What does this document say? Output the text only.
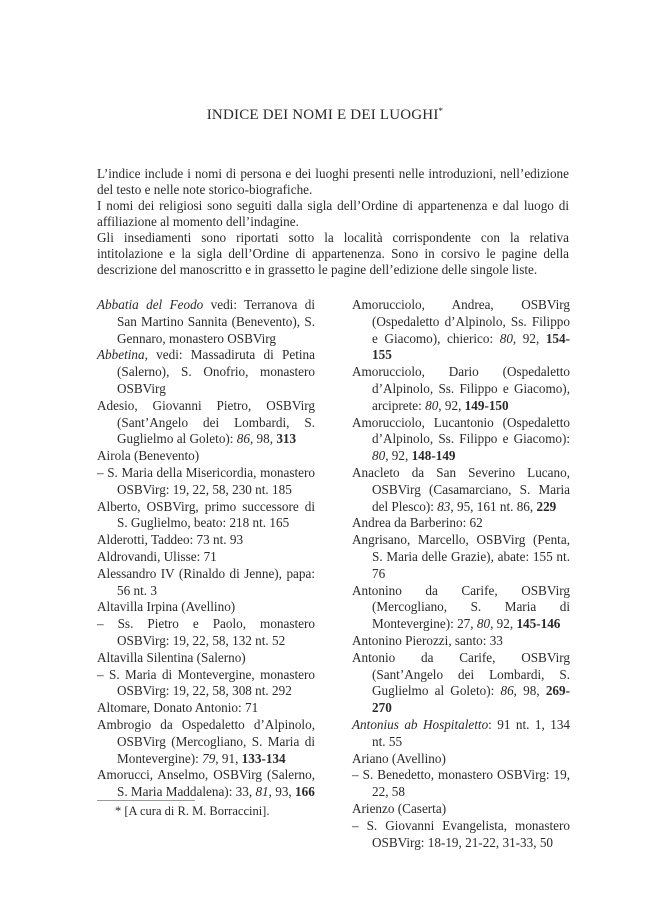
INDICE DEI NOMI E DEI LUOGHI*

L’indice include i nomi di persona e dei luoghi presenti nelle introduzioni, nell’edizione del testo e nelle note storico-biografiche.

I nomi dei religiosi sono seguiti dalla sigla dell’Ordine di appartenenza e dal luogo di affiliazione al momento dell’indagine.

Gli insediamenti sono riportati sotto la località corrispondente con la relativa intitolazione e la sigla dell’Ordine di appartenenza. Sono in corsivo le pagine della descrizione del manoscritto e in grassetto le pagine dell’edizione delle singole liste.

Abbatia del Feodo vedi: Terranova di San Martino Sannita (Benevento), S. Gennaro, monastero OSBVirg

Abbetina, vedi: Massadiruta di Petina (Salerno), S. Onofrio, monastero OSBVirg

Adesio, Giovanni Pietro, OSBVirg (Sant’Angelo dei Lombardi, S. Guglielmo al Goleto): 86, 98, 313

Airola (Benevento)

– S. Maria della Misericordia, monastero OSBVirg: 19, 22, 58, 230 nt. 185

Alberto, OSBVirg, primo successore di S. Guglielmo, beato: 218 nt. 165

Alderotti, Taddeo: 73 nt. 93

Aldrovandi, Ulisse: 71

Alessandro IV (Rinaldo di Jenne), papa: 56 nt. 3

Altavilla Irpina (Avellino)

– Ss. Pietro e Paolo, monastero OSBVirg: 19, 22, 58, 132 nt. 52

Altavilla Silentina (Salerno)

– S. Maria di Montevergine, monastero OSBVirg: 19, 22, 58, 308 nt. 292

Altomare, Donato Antonio: 71

Ambrogio da Ospedaletto d’Alpinolo, OSBVirg (Mercogliano, S. Maria di Montevergine): 79, 91, 133-134

Amorucci, Anselmo, OSBVirg (Salerno, S. Maria Maddalena): 33, 81, 93, 166

Amorucciolo, Andrea, OSBVirg (Ospedaletto d’Alpinolo, Ss. Filippo e Giacomo), chierico: 80, 92, 154-155

Amorucciolo, Dario (Ospedaletto d’Alpinolo, Ss. Filippo e Giacomo), arciprete: 80, 92, 149-150

Amorucciolo, Lucantonio (Ospedaletto d’Alpinolo, Ss. Filippo e Giacomo): 80, 92, 148-149

Anacleto da San Severino Lucano, OSBVirg (Casamarciano, S. Maria del Plesco): 83, 95, 161 nt. 86, 229

Andrea da Barberino: 62

Angrisano, Marcello, OSBVirg (Penta, S. Maria delle Grazie), abate: 155 nt. 76

Antonino da Carife, OSBVirg (Mercogliano, S. Maria di Montevergine): 27, 80, 92, 145-146

Antonino Pierozzi, santo: 33

Antonio da Carife, OSBVirg (Sant’Angelo dei Lombardi, S. Guglielmo al Goleto): 86, 98, 269-270

Antonius ab Hospitaletto: 91 nt. 1, 134 nt. 55

Ariano (Avellino)

– S. Benedetto, monastero OSBVirg: 19, 22, 58

Arienzo (Caserta)

– S. Giovanni Evangelista, monastero OSBVirg: 18-19, 21-22, 31-33, 50

* [A cura di R. M. Borraccini].
